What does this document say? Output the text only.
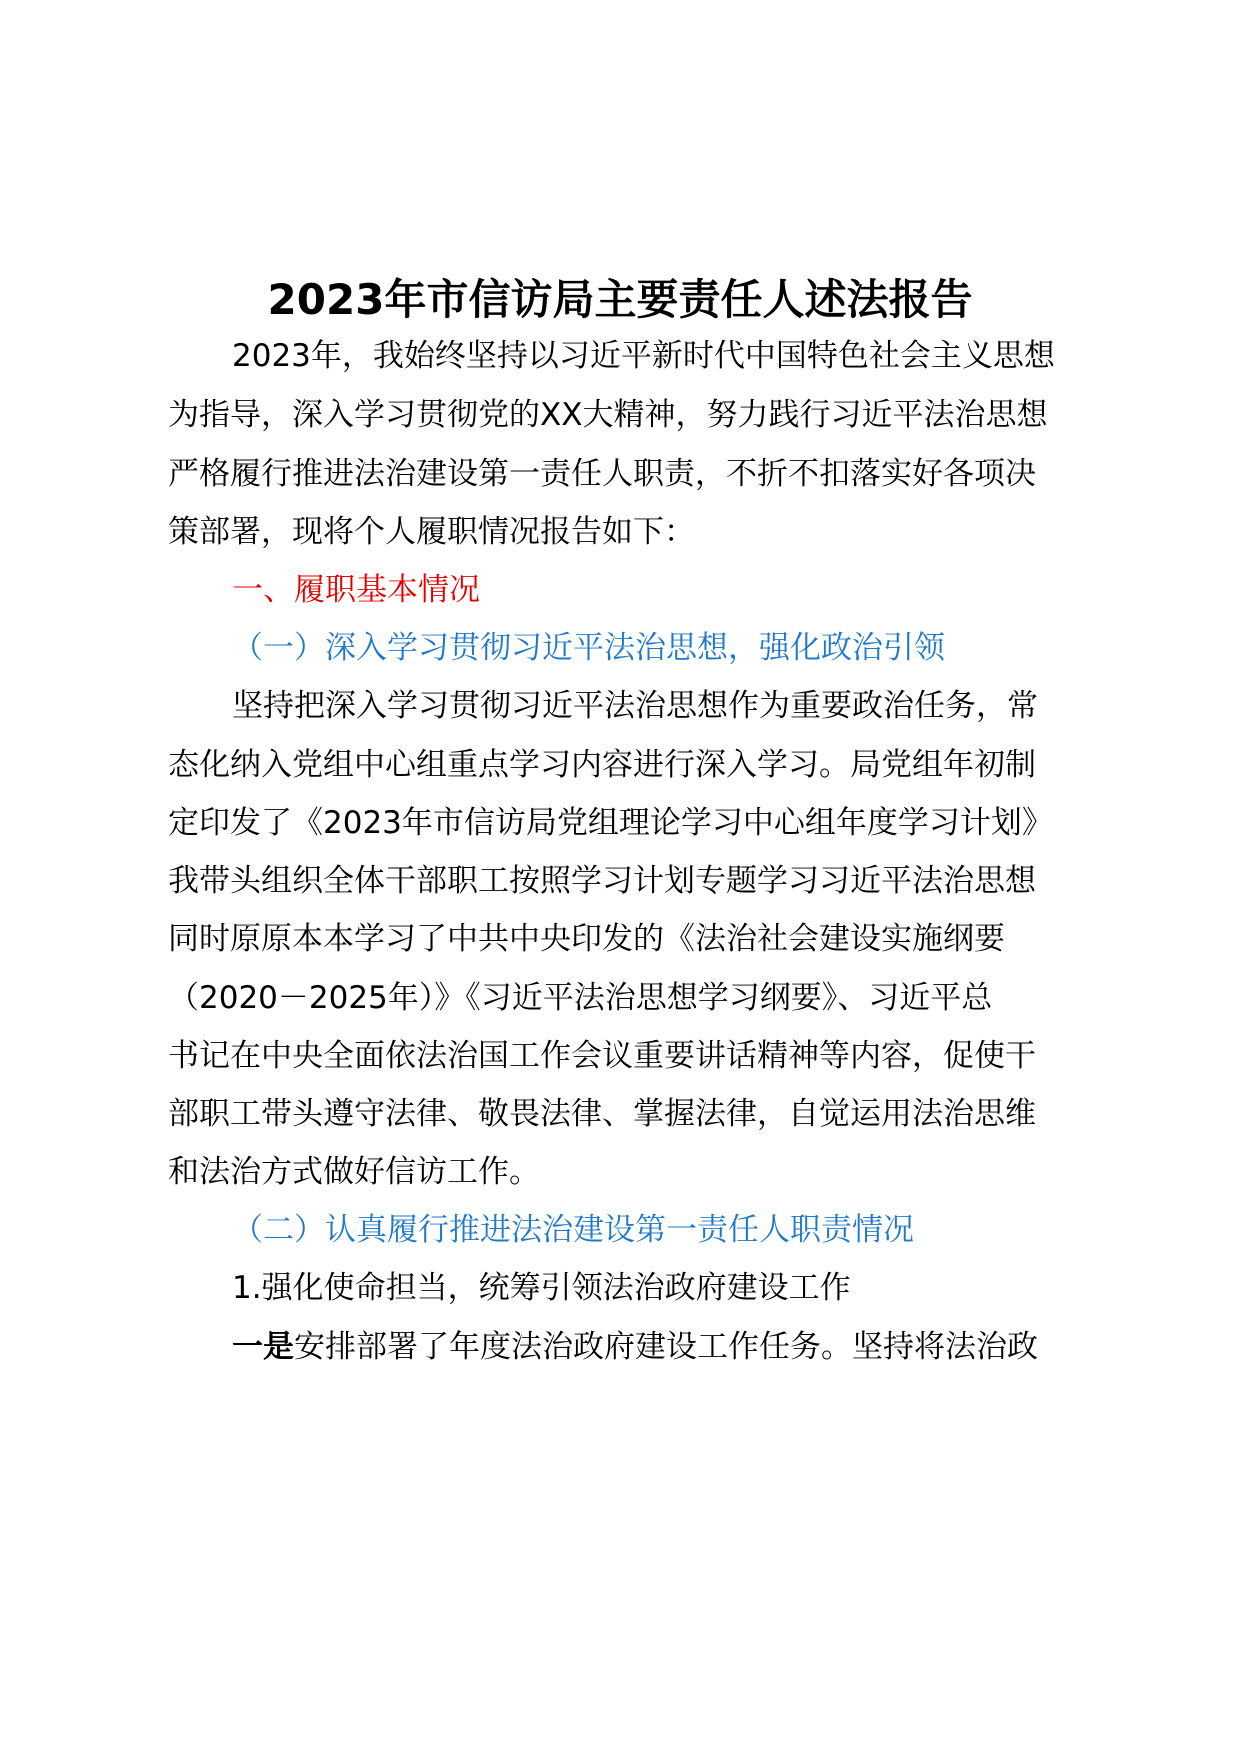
2023年市信访局主要责任人述法报告
2023年，我始终坚持以习近平新时代中国特色社会主义思想
为指导，深入学习贯彻党的XX大精神，努力践行习近平法治思想
严格履行推进法治建设第一责任人职责，不折不扣落实好各项决
策部署，现将个人履职情况报告如下：
一、履职基本情况
（一）深入学习贯彻习近平法治思想，强化政治引领
坚持把深入学习贯彻习近平法治思想作为重要政治任务，常
态化纳入党组中心组重点学习内容进行深入学习。局党组年初制
定印发了《2023年市信访局党组理论学习中心组年度学习计划》
我带头组织全体干部职工按照学习计划专题学习习近平法治思想
同时原原本本学习了中共中央印发的《法治社会建设实施纲要
（2020－2025年）》《习近平法治思想学习纲要》、习近平总
书记在中央全面依法治国工作会议重要讲话精神等内容，促使干
部职工带头遵守法律、敬畏法律、掌握法律，自觉运用法治思维
和法治方式做好信访工作。
（二）认真履行推进法治建设第一责任人职责情况
1.强化使命担当，统筹引领法治政府建设工作
一是安排部署了年度法治政府建设工作任务。坚持将法治政
